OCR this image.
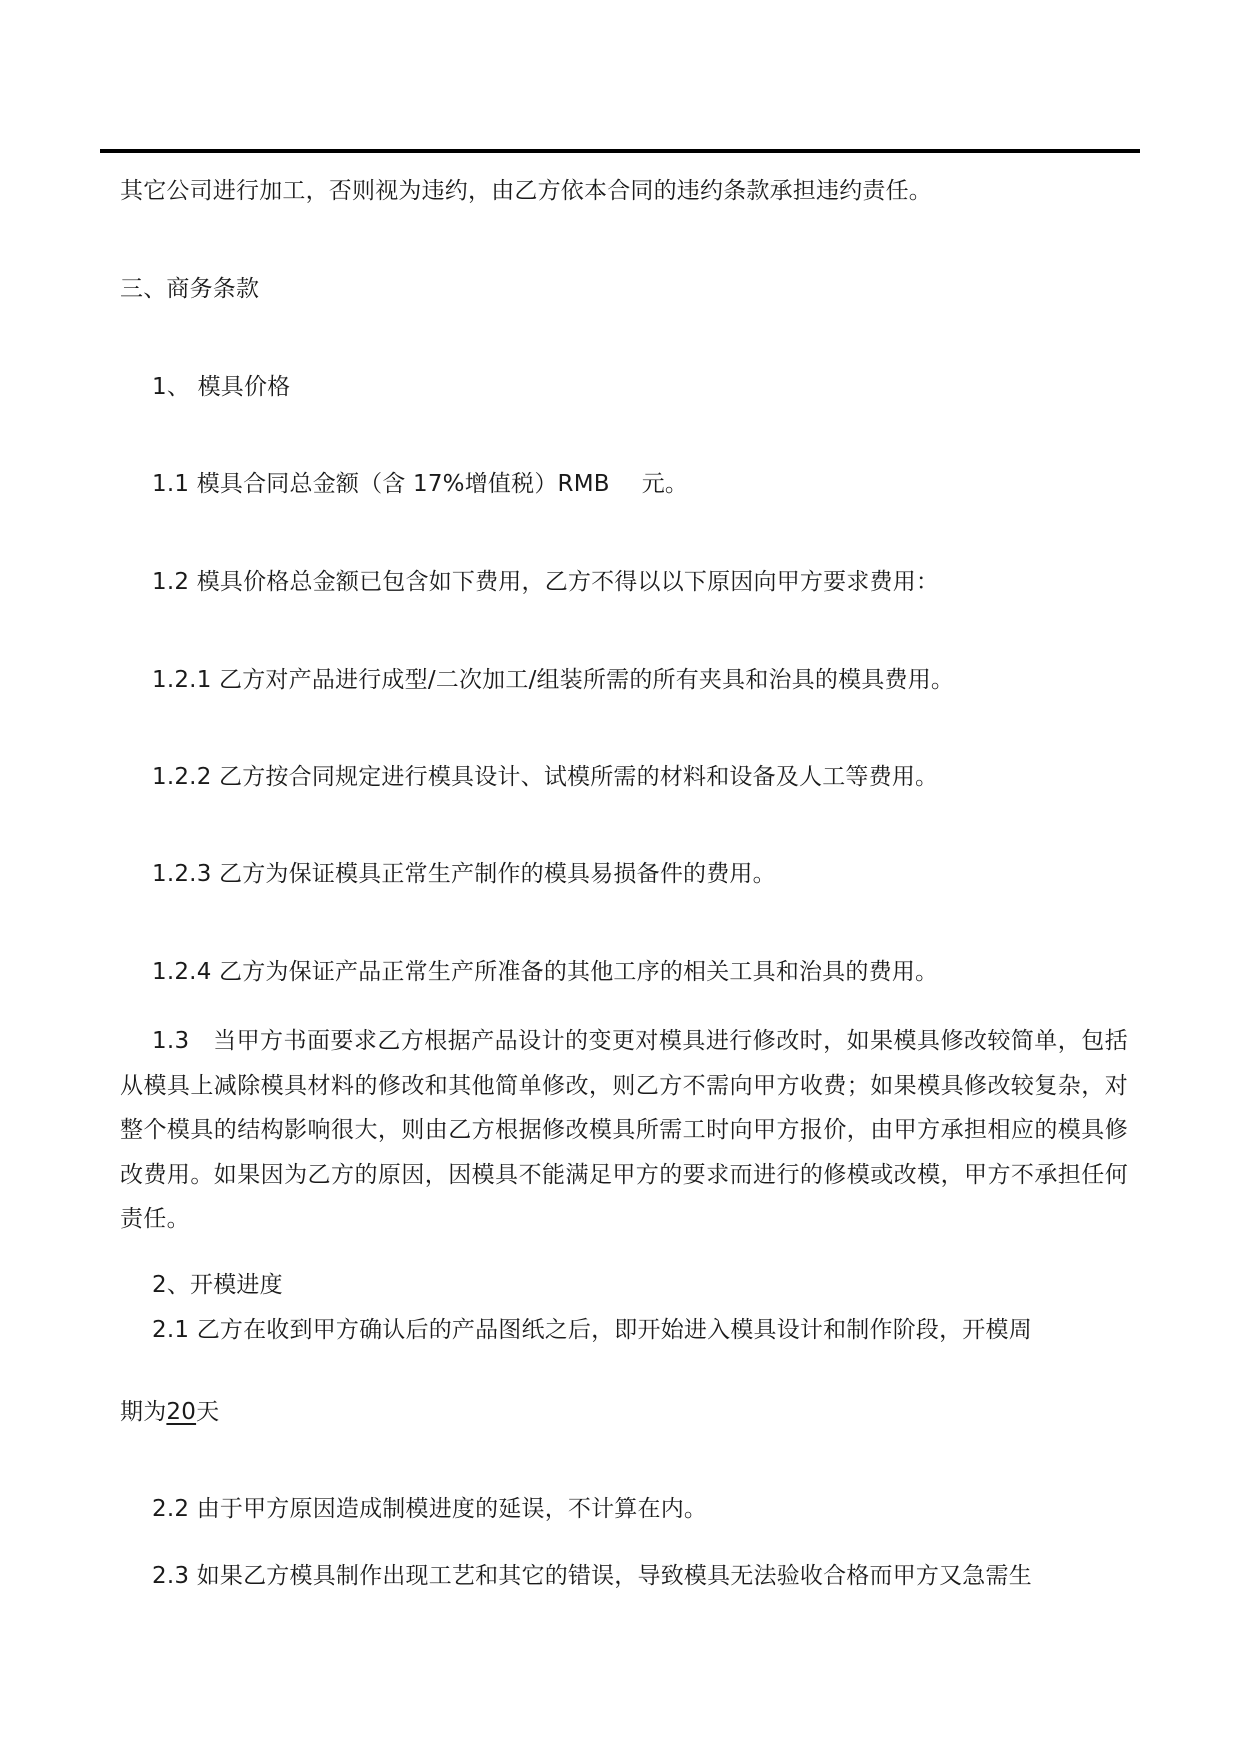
其它公司进行加工，否则视为违约，由乙方依本合同的违约条款承担违约责任。

三、商务条款

1、 模具价格

1.1 模具合同总金额（含 17%增值税）RMB 元。

1.2 模具价格总金额已包含如下费用，乙方不得以以下原因向甲方要求费用：

1.2.1 乙方对产品进行成型/二次加工/组装所需的所有夹具和治具的模具费用。

1.2.2 乙方按合同规定进行模具设计、试模所需的材料和设备及人工等费用。

1.2.3 乙方为保证模具正常生产制作的模具易损备件的费用。

1.2.4 乙方为保证产品正常生产所准备的其他工序的相关工具和治具的费用。

1.3　当甲方书面要求乙方根据产品设计的变更对模具进行修改时，如果模具修改较简单，包括从模具上减除模具材料的修改和其他简单修改，则乙方不需向甲方收费；如果模具修改较复杂，对整个模具的结构影响很大，则由乙方根据修改模具所需工时向甲方报价，由甲方承担相应的模具修改费用。如果因为乙方的原因，因模具不能满足甲方的要求而进行的修模或改模，甲方不承担任何责任。

2、开模进度

2.1 乙方在收到甲方确认后的产品图纸之后，即开始进入模具设计和制作阶段，开模周

期为20天

2.2 由于甲方原因造成制模进度的延误，不计算在内。

2.3 如果乙方模具制作出现工艺和其它的错误，导致模具无法验收合格而甲方又急需生
